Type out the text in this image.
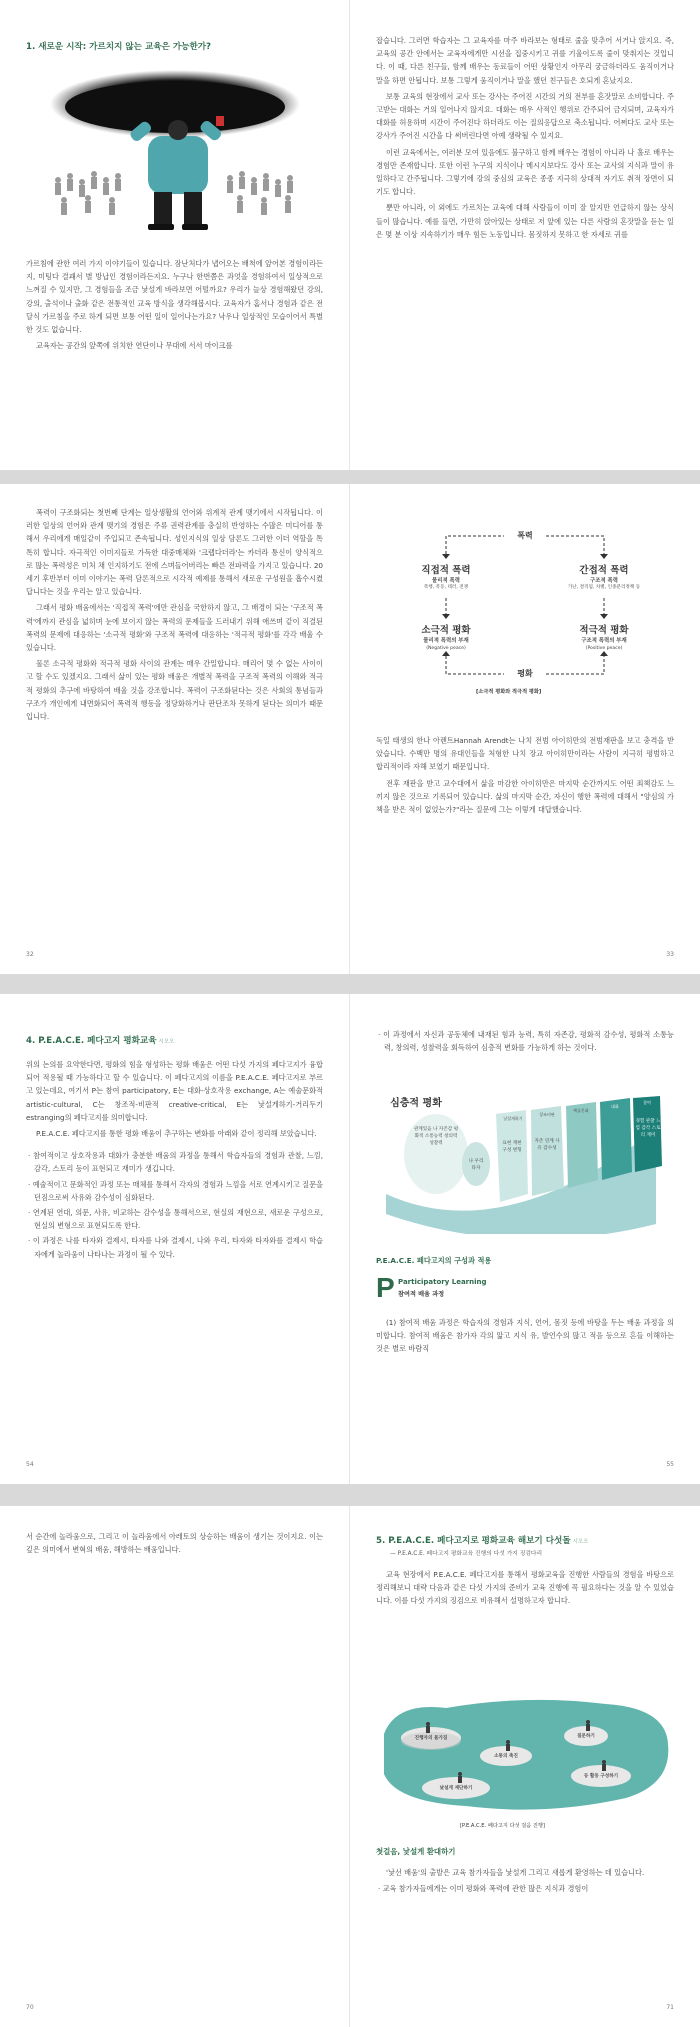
1. 새로운 시작: 가르치지 않는 교육은 가능한가?

가르침에 관한 여러 가지 이야기들이 있습니다. 잠난처다가 냅어오는 배척에 앞어본 경험이라든지, 미팅다 결괘서 별 방납인 경험이라든지요. 누구나 한번쯤은 과엇을 경험하여서 일상적으로 느껴질 수 있지만, 그 경험들을 조금 낯설게 바라보면 어떨까요? 우리가 늘상 경험해왔던 강의, 강의, 출석이나 출화 같은 전통적인 교육 방식을 생각해봅시다. 교육자가 홈서나 경험과 같은 전달식 가르침을 주로 하게 되면 보통 어떤 일이 일어나는가요? 낙우나 일상적인 모습이어서 특별한 것도 없습니다.

교육자는 공간의 앞쪽에 위치한 연단이나 무대에 서서 마이크를

잡습니다. 그러면 학습자는 그 교육자를 마주 바라보는 형태로 줄을 맞추어 서거나 앉지요. 즉, 교육의 공간 안에서는 교육자에게만 시선을 집중시키고 귀를 기울이도록 줄이 맞춰지는 것입니다. 이 때, 다른 친구들, 함께 배우는 동료들이 어떤 상황인지 아무리 궁금하더라도 움직이거나 말을 하면 안됩니다. 보통 그렇게 움직이거나 말을 했던 친구들은 호되게 혼났지요.

보통 교육의 현장에서 교사 또는 강사는 주어진 시간의 거의 전부를 혼잣말로 소비합니다. 주고받는 대화는 거의 일어나지 않지요. 대화는 매우 사적인 행위로 간주되어 금지되며, 교육자가 대화를 허용하며 시간이 주어진다 하더라도 이는 질의응답으로 축소됩니다. 어쩌다도 교사 또는 강사가 주어진 시간을 다 써버린다면 아예 생략될 수 있지요.

이런 교육에서는, 여러분 모여 있음에도 불구하고 함께 배우는 경험이 아니라 나 홀로 배우는 경험만 존재합니다. 또한 이런 누구의 지식이나 메시지보다도 강사 또는 교사의 지식과 말이 유일하다고 간주됩니다. 그렇기에 강의 중심의 교육은 종종 지극히 상대적 자기도 취적 장면이 되기도 합니다.

뿐만 아니라, 이 외에도 가르치는 교육에 대해 사람들이 이미 잘 알지만 언급하지 않는 상식들이 많습니다. 예를 들면, 가만히 앉아있는 상태로 저 앞에 있는 다른 사람의 혼잣말을 듣는 일은 몇 분 이상 지속하기가 매우 힘든 노동입니다. 몸짓하지 못하고 한 자세로 귀를

폭력이 구조화되는 첫번째 단계는 일상생활의 언어와 위계적 관계 맺기에서 시작됩니다. 이러한 일상의 언어와 관계 맺기의 경험은 주류 권력관계를 충실히 반영하는 수많은 미디어를 통해서 우리에게 매일같이 주입되고 존속됩니다. 성인지식의 일상 담론도 그러한 이더 역할을 톡톡히 합니다. 자극적인 이미지들로 가득한 대중매체와 '크랩다더라'는 카더라 통신이 양식적으로 많는 폭력성은 미처 채 인지하기도 전에 스며들어버리는 빠른 전파력을 가지고 있습니다. 20세기 후반부터 이미 이야기는 폭력 담론적으로 시각적 예제를 통해서 새로운 구성원을 흡수시켰답니다는 것을 우리는 알고 있습니다.

그래서 평화 배움에서는 '직접적 폭력'에만 관심을 국한하지 않고, 그 배경이 되는 '구조적 폭력'에까지 관심을 넓히며 눈에 보이지 않는 폭력의 문제들을 드러내기 위해 애쓰며 같이 직결된 폭력의 문제에 대응하는 '소극적 평화'와 구조적 폭력에 대응하는 '적극적 평화'를 각각 배울 수 있습니다.

물론 소극적 평화와 적극적 평화 사이의 관계는 매우 간밀합니다. 매리어 몇 수 없는 사이이고 할 수도 있겠지요. 그래서 삶이 있는 평화 배움은 개별적 폭력을 구조적 폭력의 이해와 적극적 평화의 추구에 바탕하여 배울 것을 강조합니다. 폭력이 구조화된다는 것은 사회의 통념들과 구조가 개인에게 내면화되어 폭력적 행동을 정당화하거나 판단조차 못하게 된다는 의미가 때문입니다.

32
폭력
평화
직접적 폭력
물리적 폭력
폭행, 폭동, 테러, 전쟁
간접적 폭력
구조적 폭력
가난, 결격됨, 차별, 인종분리정책 등
소극적 평화
물리적 폭력의 부재
(Negative peace)
적극적 평화
구조적 폭력의 부재
(Positive peace)
[소극적 평화와 적극적 평화]

독일 태생의 한나 아렌트Hannah Arendt는 나치 전범 아이히만의 전범재판을 보고 충격을 받았습니다. 수백만 명의 유대인들을 처형한 나치 장교 아이히만이라는 사람이 지극히 평범하고 합리적이라 자해 보였기 때문입니다.

전후 재판을 받고 교수대에서 삶을 마감한 아이히만은 마지막 순간까지도 어떤 죄책감도 느끼지 않은 것으로 기록되어 있습니다. 삶의 마지막 순간, 자신이 행한 폭력에 대해서 "양심의 가책을 받은 적이 없었는가?"라는 질문에 그는 이렇게 대답했습니다.

33

4. P.E.A.C.E. 페다고지 평화교육 시오오

위의 논의를 요약한다면, 평화의 힘을 형성하는 평화 배움은 어떤 다섯 가지의 페다고지가 융합되어 적용될 때 가능하다고 할 수 있습니다. 이 페다고지의 이름을 P.E.A.C.E. 페다고지로 부르고 있는데요, 여기서 P는 참여 participatory, E는 대화-상호작용 exchange, A는 예술문화적 artistic-cultural, C는 창조적-비판적 creative-critical, E는 낯설게하기-거리두기 estranging의 페다고지를 의미합니다.

P.E.A.C.E. 페다고지를 통한 평화 배움이 추구하는 변화를 아래와 같이 정리해 보았습니다.

· 참여적이고 상호작용과 대화가 충분한 배움의 과정을 통해서 학습자들의 경험과 관찰, 느낌, 감각, 스토리 등이 표현되고 재미가 생깁니다.

· 예술적이고 문화적인 과정 또는 매체를 통해서 각자의 경험과 느낌을 서로 연계시키고 질문을 던짐으로써 사유와 감수성이 심화된다.

· 연계된 연대, 의문, 사유, 비교하는 감수성을 통해서으로, 현실의 재현으로, 새로운 구성으로, 현실의 변형으로 표현되도록 한다.

· 이 과정은 나를 타자와 결제시, 타자를 나와 결제시, 나와 우리, 타자와 타자와를 결제시 학습자에게 놀라움이 나타나는 과정이 될 수 있다.

54

· 이 과정에서 자신과 공동체에 내재된 힘과 능력, 특히 자존감, 평화적 감수성, 평화적 소통능력, 창의력, 성찰력을 회득하여 심층적 변화를 가능하게 하는 것이다.

심층적 평화
관계있음 나 자존감 평화적 소통능력 창의력 성찰력
나 우리 타자
표현 재현 구성 변형
자존 연계 사유 감수성
경험 관찰 느낌 감각 스토리 재미
낯설게하기
창조비판
예술문화
대화
참여

P.E.A.C.E. 페다고지의 구성과 적용

P Participatory Learning
참여적 배움 과정

(1) 참여적 배움 과정은 학습자의 경험과 지식, 언어, 몸짓 등에 바탕을 두는 배움 과정을 의미합니다. 참여적 배움은 참가자 각의 앎고 지식 유, 발언수의 많고 적음 등으로 흔들 이해하는 것은 별로 바람직

55

서 순간에 놀라움으로, 그리고 이 놀라움에서 아레토의 상승하는 배움이 생기는 것이지요. 이는 깊은 의미에서 변혁의 배움, 해방하는 배움입니다.

70

5. P.E.A.C.E. 페다고지로 평화교육 해보기 다섯돌 시오오

— P.E.A.C.E. 페다고지 평화교육 진행의 다섯 가지 징검다리

교육 현장에서 P.E.A.C.E. 페다고지를 통해서 평화교육을 진행한 사람들의 경험을 바탕으로 정리해보니 대략 다음과 같은 다섯 가지의 준비가 교육 진행에 꼭 필요하다는 것을 알 수 있었습니다. 이를 다섯 가지의 징검으로 비유해서 설명하고자 합니다.

진행자의 몸가짐
소통의 축진
질문하기
낯설게 재단하기
등 활동 구성하기
[P.E.A.C.E. 페다고지 다섯 걸음 진행]

첫걸음, 낯설게 환대하기

'낯선 배움'의 출발은 교육 참가자들을 낯설게 그리고 새롭게 환영하는 데 있습니다.

· 교육 참가자들에게는 이미 평화와 폭력에 관한 많은 지식과 경험이

71
